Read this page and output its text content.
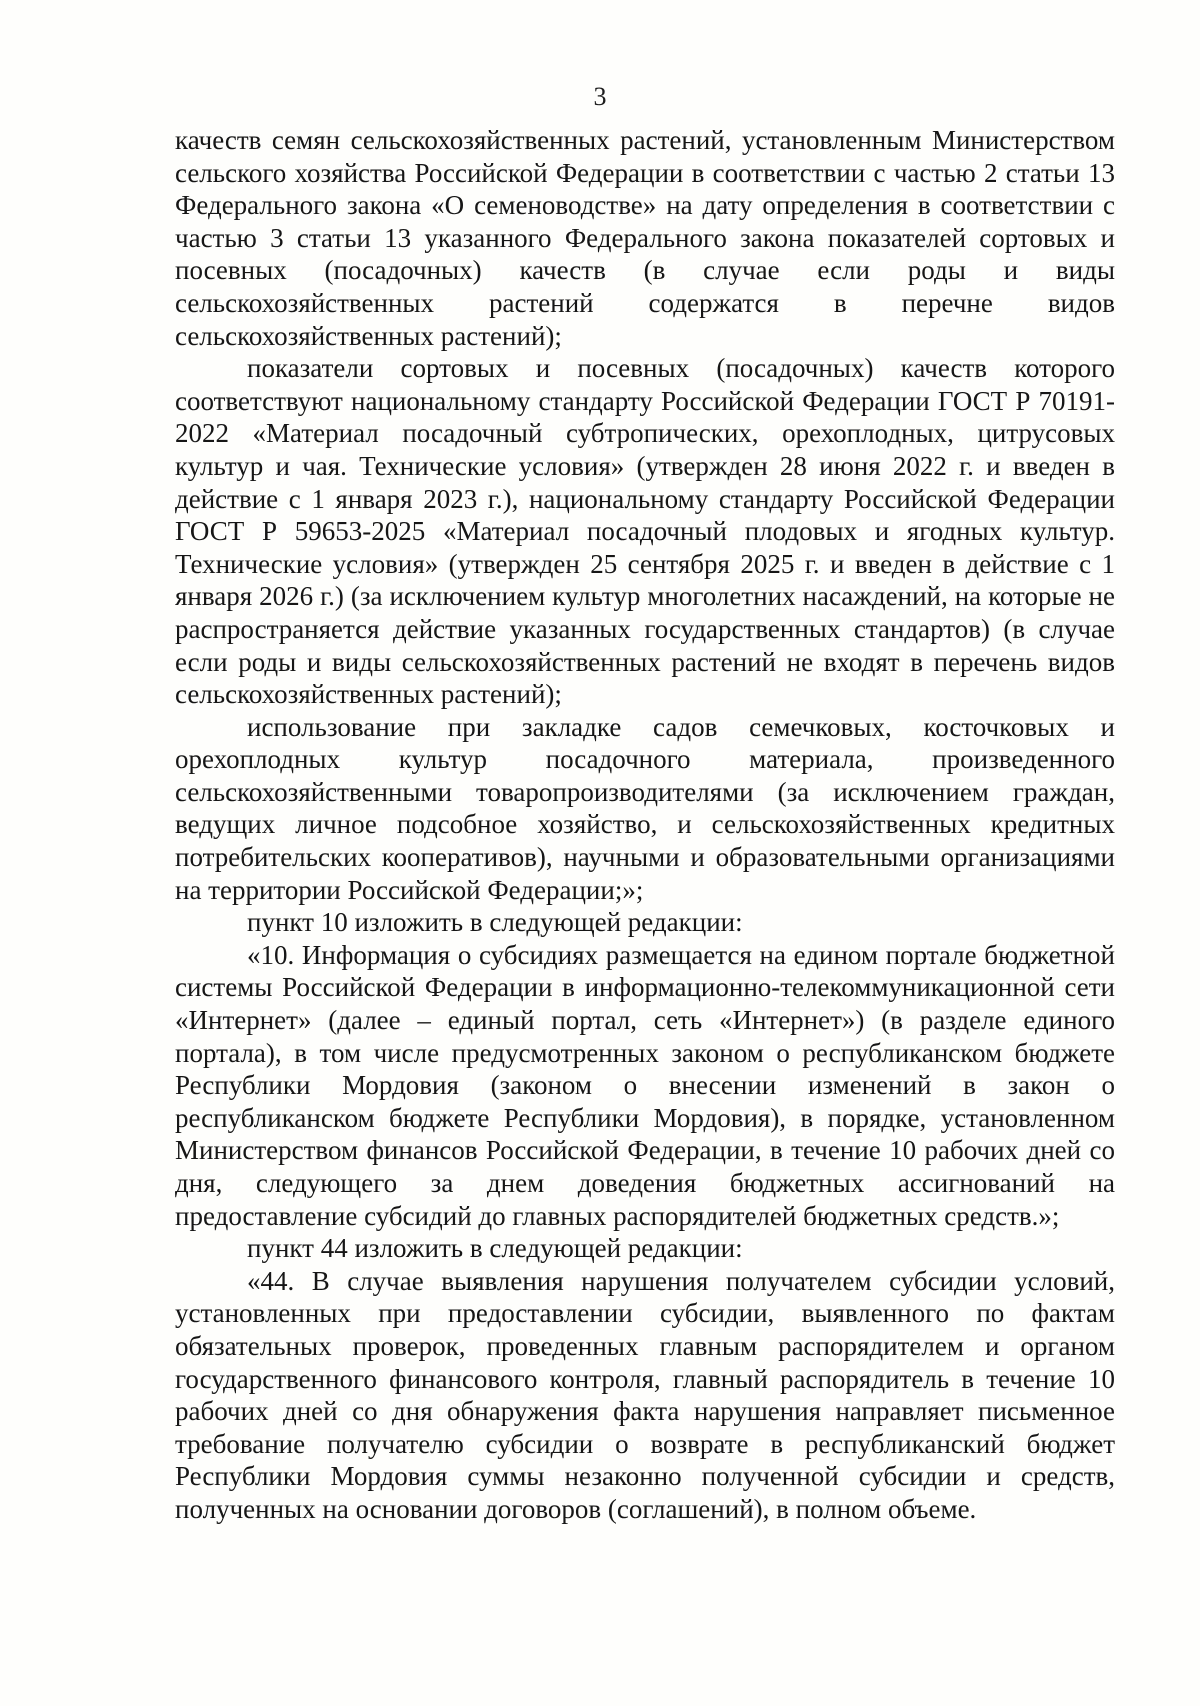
3

качеств семян сельскохозяйственных растений, установленным Министерством сельского хозяйства Российской Федерации в соответствии с частью 2 статьи 13 Федерального закона «О семеноводстве» на дату определения в соответствии с частью 3 статьи 13 указанного Федерального закона показателей сортовых и посевных (посадочных) качеств (в случае если роды и виды сельскохозяйственных растений содержатся в перечне видов сельскохозяйственных растений);

показатели сортовых и посевных (посадочных) качеств которого соответствуют национальному стандарту Российской Федерации ГОСТ Р 70191-2022 «Материал посадочный субтропических, орехоплодных, цитрусовых культур и чая. Технические условия» (утвержден 28 июня 2022 г. и введен в действие с 1 января 2023 г.), национальному стандарту Российской Федерации ГОСТ Р 59653-2025 «Материал посадочный плодовых и ягодных культур. Технические условия» (утвержден 25 сентября 2025 г. и введен в действие с 1 января 2026 г.) (за исключением культур многолетних насаждений, на которые не распространяется действие указанных государственных стандартов) (в случае если роды и виды сельскохозяйственных растений не входят в перечень видов сельскохозяйственных растений);

использование при закладке садов семечковых, косточковых и орехоплодных культур посадочного материала, произведенного сельскохозяйственными товаропроизводителями (за исключением граждан, ведущих личное подсобное хозяйство, и сельскохозяйственных кредитных потребительских кооперативов), научными и образовательными организациями на территории Российской Федерации;»;

пункт 10 изложить в следующей редакции:

«10. Информация о субсидиях размещается на едином портале бюджетной системы Российской Федерации в информационно-телекоммуникационной сети «Интернет» (далее – единый портал, сеть «Интернет») (в разделе единого портала), в том числе предусмотренных законом о республиканском бюджете Республики Мордовия (законом о внесении изменений в закон о республиканском бюджете Республики Мордовия), в порядке, установленном Министерством финансов Российской Федерации, в течение 10 рабочих дней со дня, следующего за днем доведения бюджетных ассигнований на предоставление субсидий до главных распорядителей бюджетных средств.»;

пункт 44 изложить в следующей редакции:

«44. В случае выявления нарушения получателем субсидии условий, установленных при предоставлении субсидии, выявленного по фактам обязательных проверок, проведенных главным распорядителем и органом государственного финансового контроля, главный распорядитель в течение 10 рабочих дней со дня обнаружения факта нарушения направляет письменное требование получателю субсидии о возврате в республиканский бюджет Республики Мордовия суммы незаконно полученной субсидии и средств, полученных на основании договоров (соглашений), в полном объеме.
